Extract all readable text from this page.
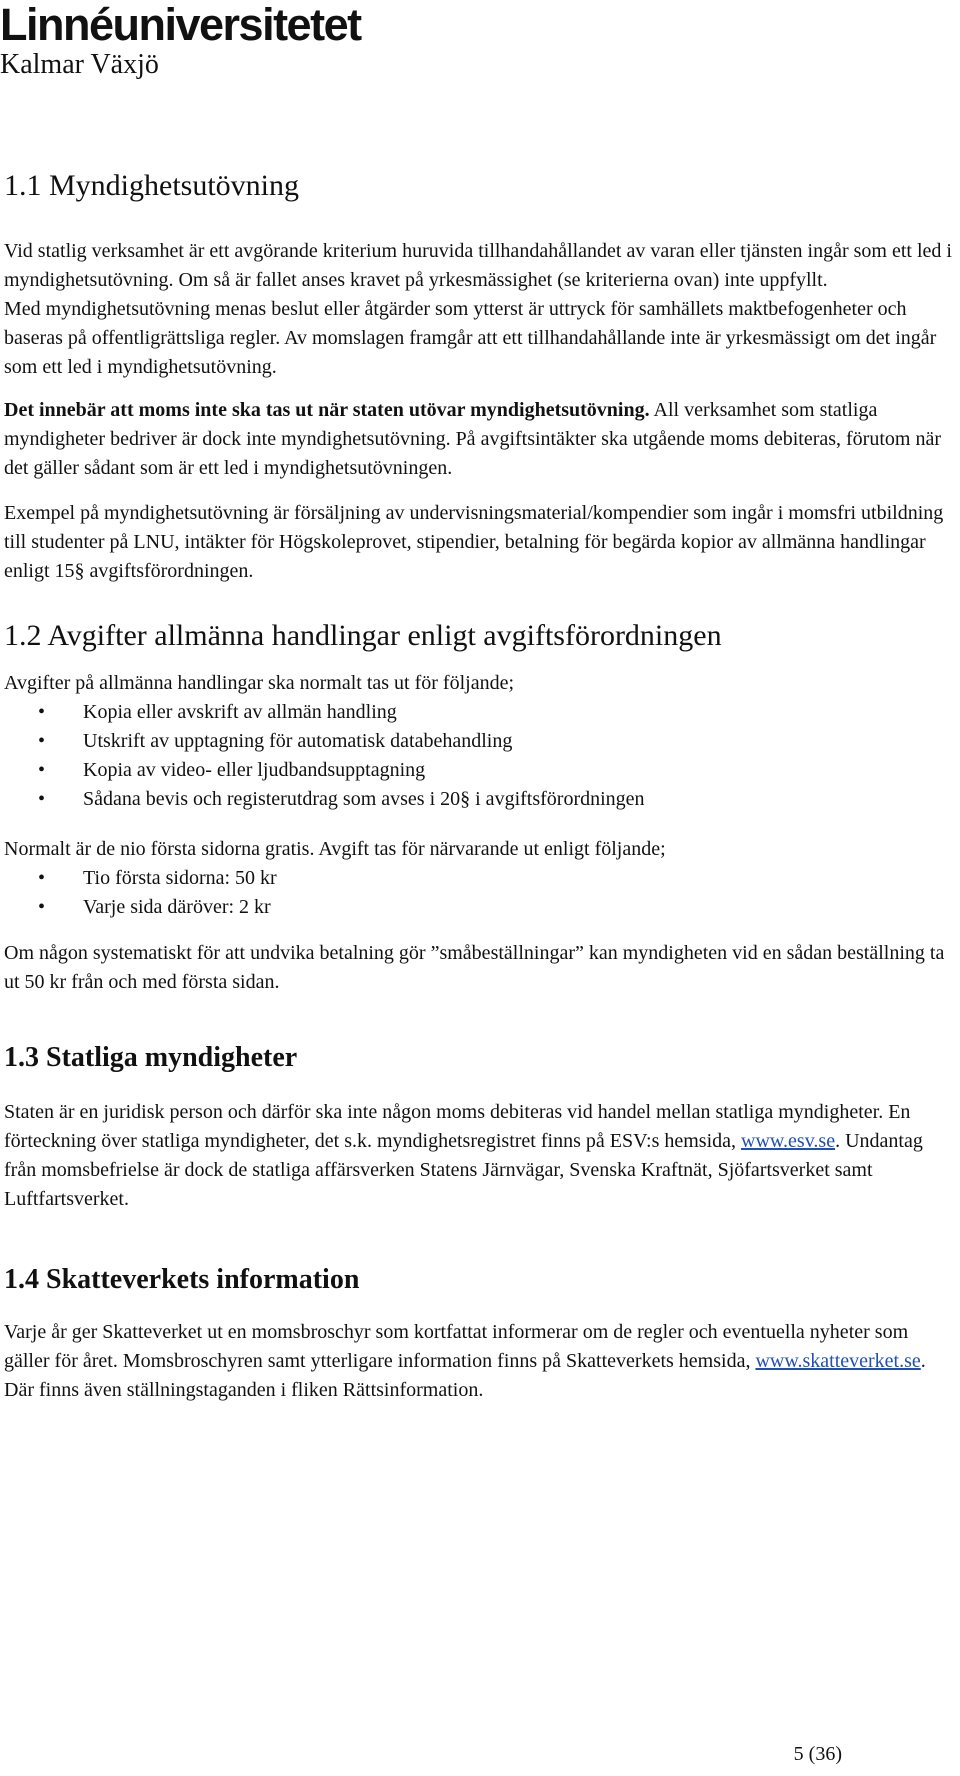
Linnéuniversitetet
Kalmar Växjö
1.1 Myndighetsutövning

Vid statlig verksamhet är ett avgörande kriterium huruvida tillhandahållandet av varan eller tjänsten ingår som ett led i myndighetsutövning. Om så är fallet anses kravet på yrkesmässighet (se kriterierna ovan) inte uppfyllt.

Med myndighetsutövning menas beslut eller åtgärder som ytterst är uttryck för samhällets maktbefogenheter och baseras på offentligrättsliga regler. Av momslagen framgår att ett tillhandahållande inte är yrkesmässigt om det ingår som ett led i myndighetsutövning.

Det innebär att moms inte ska tas ut när staten utövar myndighetsutövning. All verksamhet som statliga myndigheter bedriver är dock inte myndighetsutövning. På avgiftsintäkter ska utgående moms debiteras, förutom när det gäller sådant som är ett led i myndighetsutövningen.

Exempel på myndighetsutövning är försäljning av undervisningsmaterial/kompendier som ingår i momsfri utbildning till studenter på LNU, intäkter för Högskoleprovet, stipendier, betalning för begärda kopior av allmänna handlingar enligt 15§ avgiftsförordningen.

1.2 Avgifter allmänna handlingar enligt avgiftsförordningen

Avgifter på allmänna handlingar ska normalt tas ut för följande;

• Kopia eller avskrift av allmän handling
• Utskrift av upptagning för automatisk databehandling
• Kopia av video- eller ljudbandsupptagning
• Sådana bevis och registerutdrag som avses i 20§ i avgiftsförordningen

Normalt är de nio första sidorna gratis. Avgift tas för närvarande ut enligt följande;

• Tio första sidorna: 50 kr
• Varje sida däröver: 2 kr

Om någon systematiskt för att undvika betalning gör ”småbeställningar” kan myndigheten vid en sådan beställning ta ut 50 kr från och med första sidan.

1.3 Statliga myndigheter

Staten är en juridisk person och därför ska inte någon moms debiteras vid handel mellan statliga myndigheter. En förteckning över statliga myndigheter, det s.k. myndighetsregistret finns på ESV:s hemsida, www.esv.se. Undantag från momsbefrielse är dock de statliga affärsverken Statens Järnvägar, Svenska Kraftnät, Sjöfartsverket samt Luftfartsverket.

1.4 Skatteverkets information

Varje år ger Skatteverket ut en momsbroschyr som kortfattat informerar om de regler och eventuella nyheter som gäller för året. Momsbroschyren samt ytterligare information finns på Skatteverkets hemsida, www.skatteverket.se. Där finns även ställningstaganden i fliken Rättsinformation.

5 (36)
